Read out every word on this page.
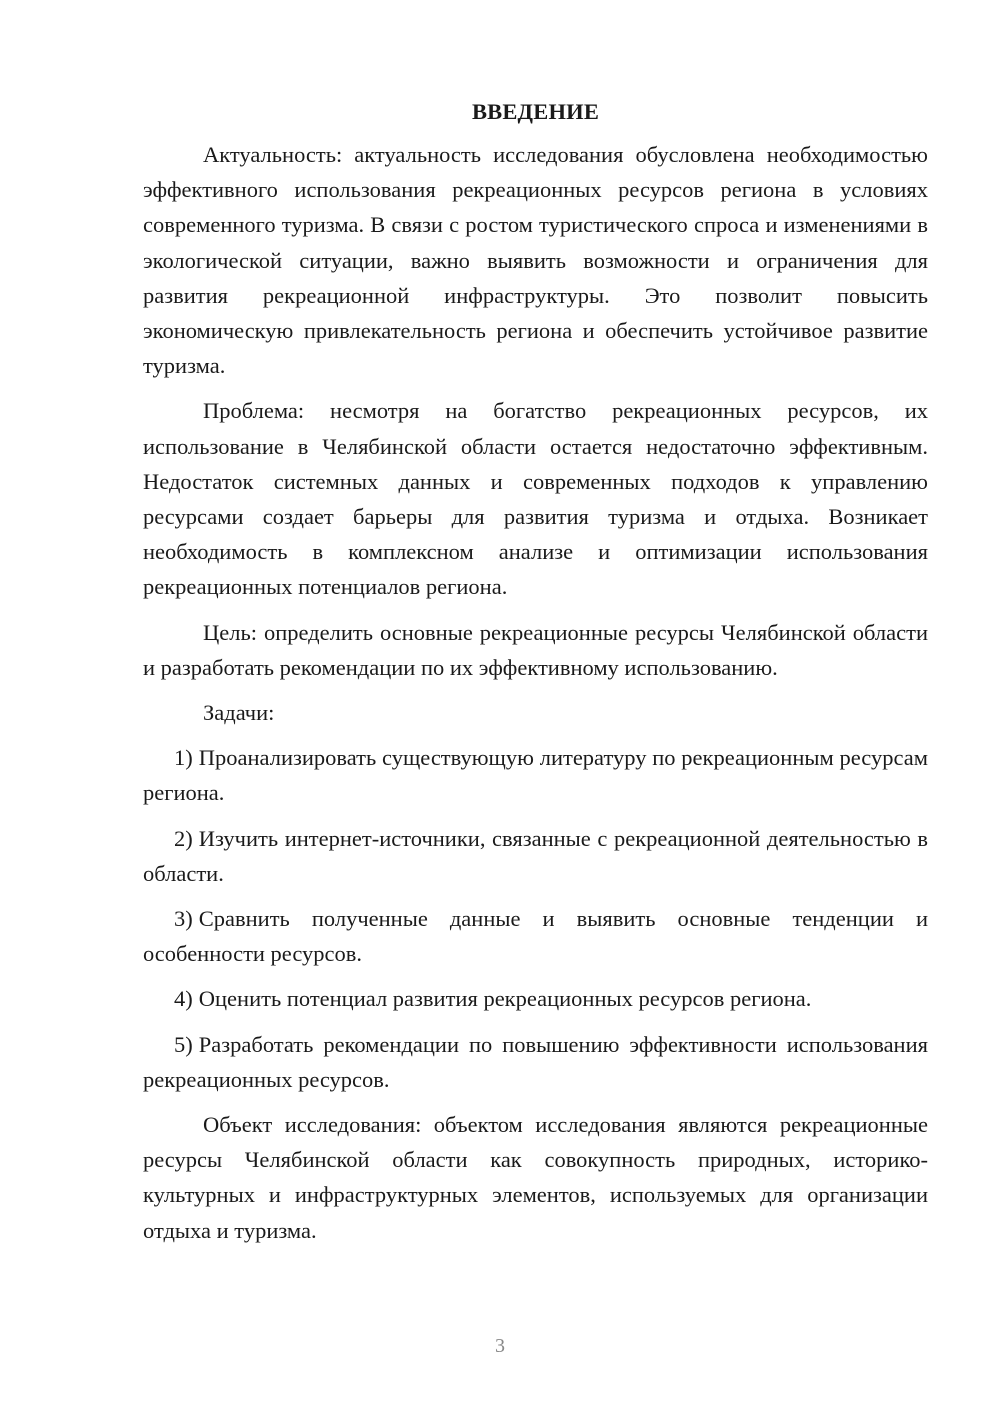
ВВЕДЕНИЕ

Актуальность: актуальность исследования обусловлена необходимостью эффективного использования рекреационных ресурсов региона в условиях современного туризма. В связи с ростом туристического спроса и изменениями в экологической ситуации, важно выявить возможности и ограничения для развития рекреационной инфраструктуры. Это позволит повысить экономическую привлекательность региона и обеспечить устойчивое развитие туризма.

Проблема: несмотря на богатство рекреационных ресурсов, их использование в Челябинской области остается недостаточно эффективным. Недостаток системных данных и современных подходов к управлению ресурсами создает барьеры для развития туризма и отдыха. Возникает необходимость в комплексном анализе и оптимизации использования рекреационных потенциалов региона.

Цель: определить основные рекреационные ресурсы Челябинской области и разработать рекомендации по их эффективному использованию.

Задачи:

1) Проанализировать существующую литературу по рекреационным ресурсам региона.

2) Изучить интернет-источники, связанные с рекреационной деятельностью в области.

3) Сравнить полученные данные и выявить основные тенденции и особенности ресурсов.

4) Оценить потенциал развития рекреационных ресурсов региона.

5) Разработать рекомендации по повышению эффективности использования рекреационных ресурсов.

Объект исследования: объектом исследования являются рекреационные ресурсы Челябинской области как совокупность природных, историко-культурных и инфраструктурных элементов, используемых для организации отдыха и туризма.

3
